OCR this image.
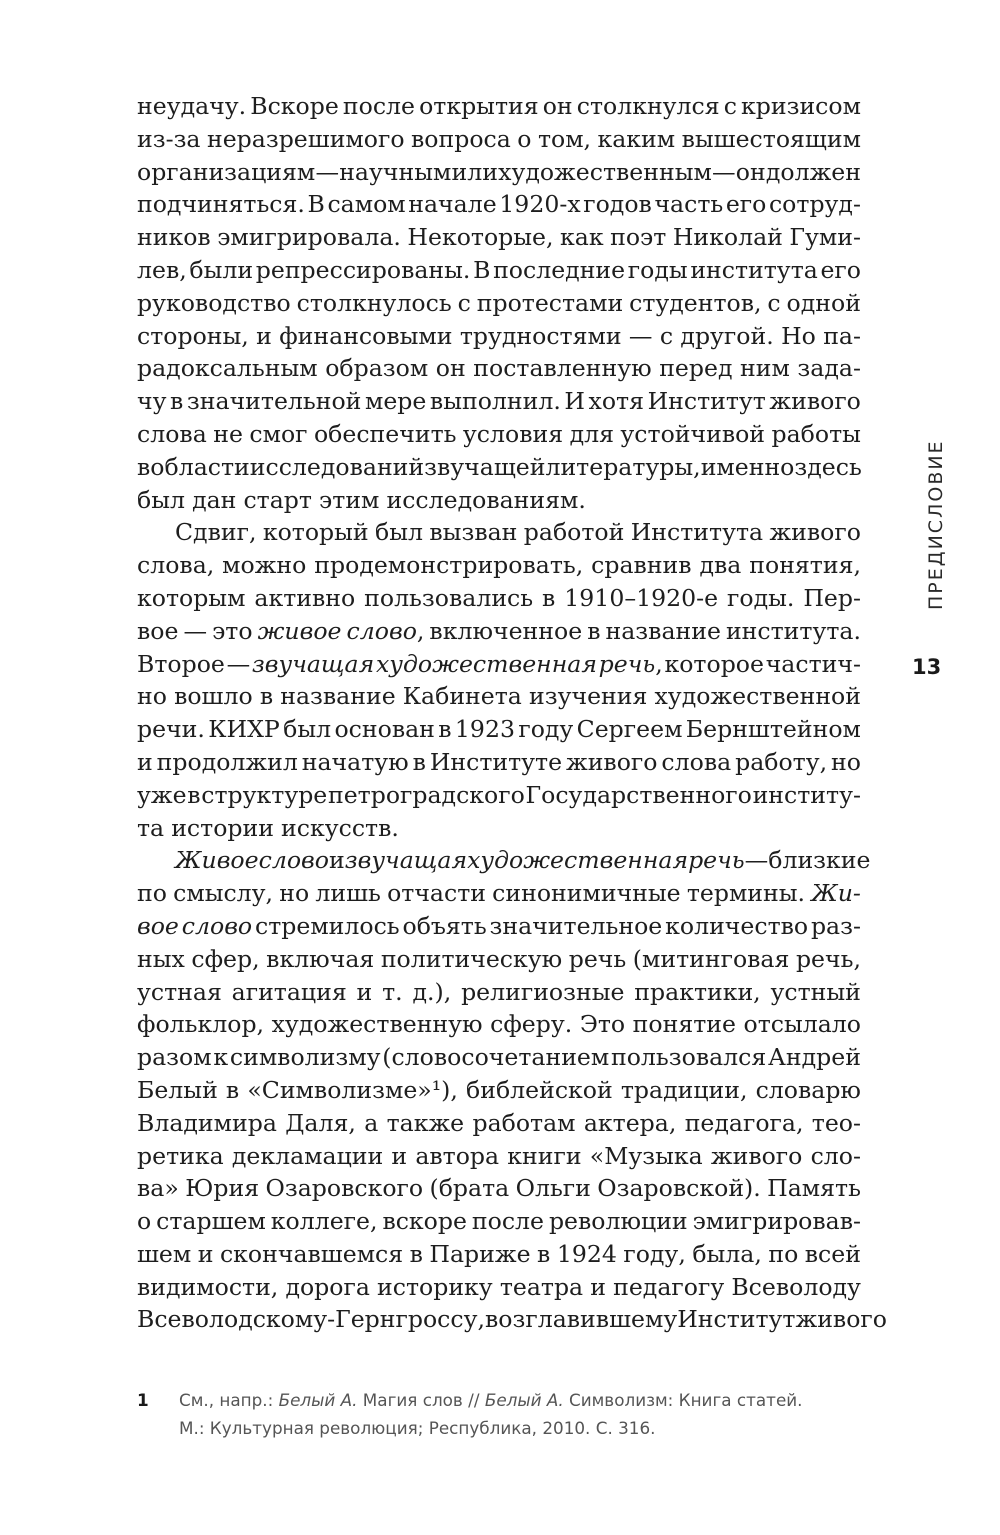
ПРЕДИСЛОВИЕ
13
неудачу. Вскоре после открытия он столкнулся с кризисом
из-за неразрешимого вопроса о том, каким вышестоящим
организациям — научным или художественным — он должен
подчиняться. В самом начале 1920-х годов часть его сотруд-
ников эмигрировала. Некоторые, как поэт Николай Гуми-
лев, были репрессированы. В последние годы института его
руководство столкнулось с протестами студентов, с одной
стороны, и финансовыми трудностями — с другой. Но па-
радоксальным образом он поставленную перед ним зада-
чу в значительной мере выполнил. И хотя Институт живого
слова не смог обеспечить условия для устойчивой работы
в области исследований звучащей литературы, именно здесь
был дан старт этим исследованиям.
Сдвиг, который был вызван работой Института живого
слова, можно продемонстрировать, сравнив два понятия,
которым активно пользовались в 1910–1920-е годы. Пер-
вое — это живое слово, включенное в название института.
Второе — звучащая художественная речь, которое частич-
но вошло в название Кабинета изучения художественной
речи. КИХР был основан в 1923 году Сергеем Бернштейном
и продолжил начатую в Институте живого слова работу, но
уже в структуре петроградского Государственного институ-
та истории искусств.
Живое слово и звучащая художественная речь — близкие
по смыслу, но лишь отчасти синонимичные термины. Жи-
вое слово стремилось объять значительное количество раз-
ных сфер, включая политическую речь (митинговая речь,
устная агитация и т. д.), религиозные практики, устный
фольклор, художественную сферу. Это понятие отсылало
разом к символизму (словосочетанием пользовался Андрей
Белый в «Символизме»¹), библейской традиции, словарю
Владимира Даля, а также работам актера, педагога, тео-
ретика декламации и автора книги «Музыка живого сло-
ва» Юрия Озаровского (брата Ольги Озаровской). Память
о старшем коллеге, вскоре после революции эмигрировав-
шем и скончавшемся в Париже в 1924 году, была, по всей
видимости, дорога историку театра и педагогу Всеволоду
Всеволодскому-Гернгроссу, возглавившему Институт живого
1	См., напр.: Белый А. Магия слов // Белый А. Символизм: Книга статей.
М.: Культурная революция; Республика, 2010. С. 316.
